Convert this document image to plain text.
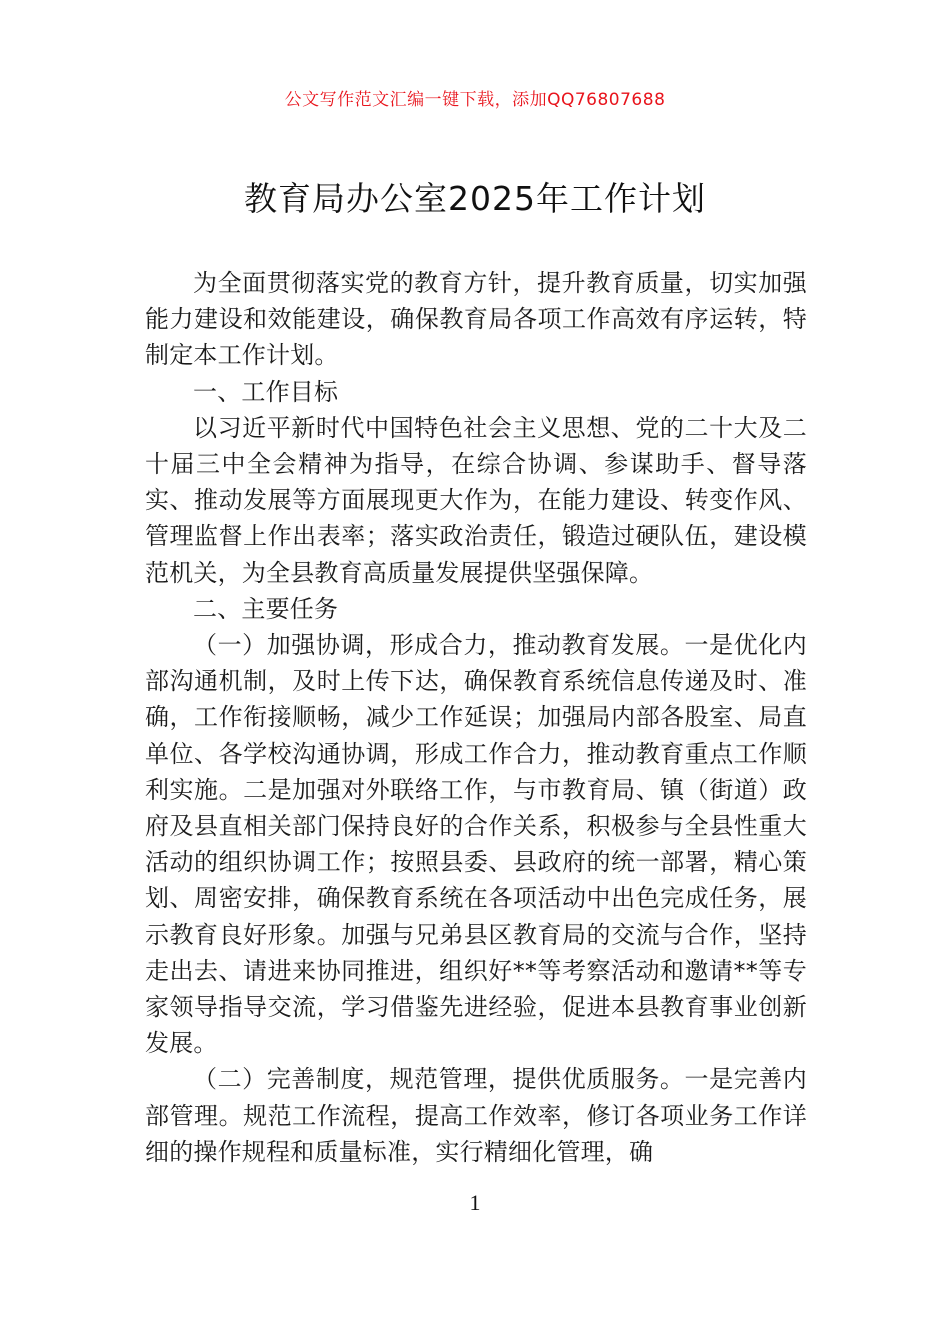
公文写作范文汇编一键下载，添加QQ76807688
教育局办公室2025年工作计划

为全面贯彻落实党的教育方针，提升教育质量，切实加强能力建设和效能建设，确保教育局各项工作高效有序运转，特制定本工作计划。

一、工作目标

以习近平新时代中国特色社会主义思想、党的二十大及二十届三中全会精神为指导，在综合协调、参谋助手、督导落实、推动发展等方面展现更大作为，在能力建设、转变作风、管理监督上作出表率；落实政治责任，锻造过硬队伍，建设模范机关，为全县教育高质量发展提供坚强保障。

二、主要任务

（一）加强协调，形成合力，推动教育发展。一是优化内部沟通机制，及时上传下达，确保教育系统信息传递及时、准确，工作衔接顺畅，减少工作延误；加强局内部各股室、局直单位、各学校沟通协调，形成工作合力，推动教育重点工作顺利实施。二是加强对外联络工作，与市教育局、镇（街道）政府及县直相关部门保持良好的合作关系，积极参与全县性重大活动的组织协调工作；按照县委、县政府的统一部署，精心策划、周密安排，确保教育系统在各项活动中出色完成任务，展示教育良好形象。加强与兄弟县区教育局的交流与合作，坚持走出去、请进来协同推进，组织好**等考察活动和邀请**等专家领导指导交流，学习借鉴先进经验，促进本县教育事业创新发展。

（二）完善制度，规范管理，提供优质服务。一是完善内部管理。规范工作流程，提高工作效率，修订各项业务工作详细的操作规程和质量标准，实行精细化管理，确

1
